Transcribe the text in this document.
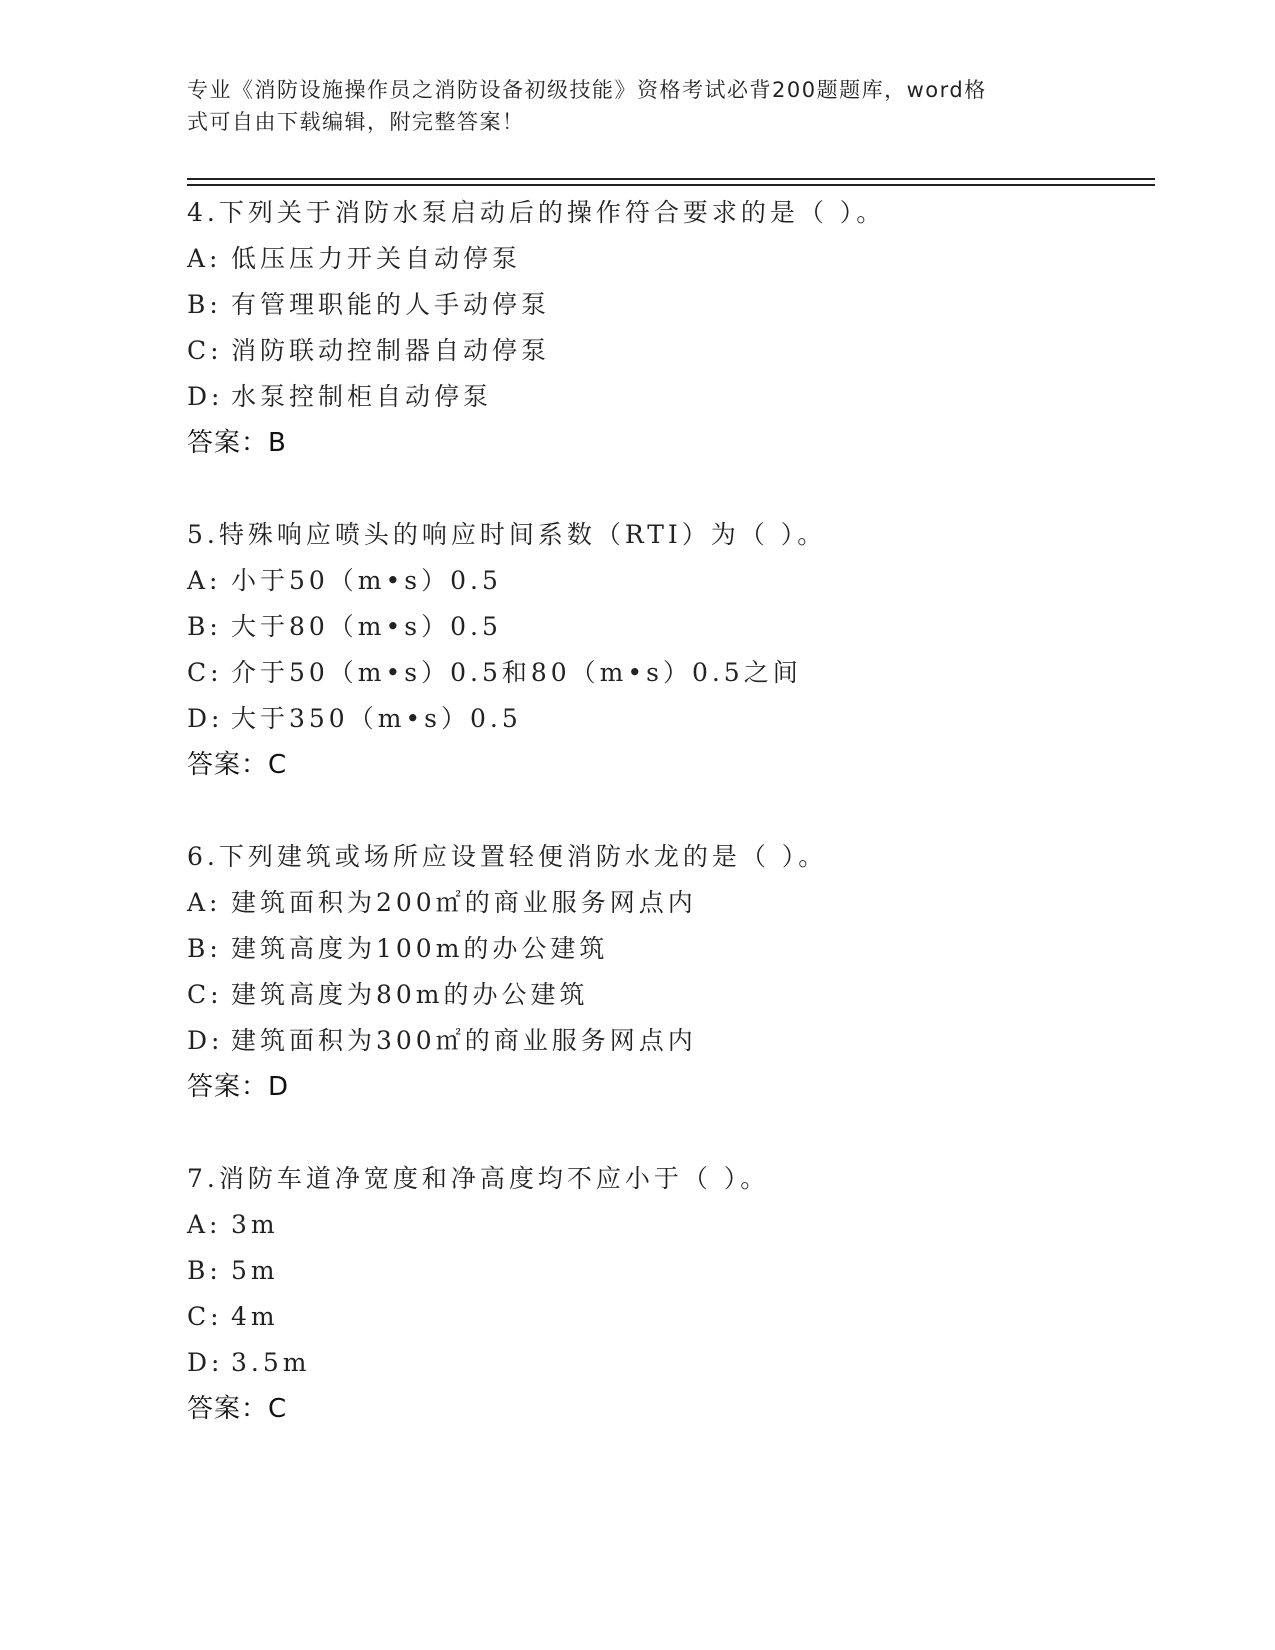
专业《消防设施操作员之消防设备初级技能》资格考试必背200题题库，word格
式可自由下载编辑，附完整答案！
4.下列关于消防水泵启动后的操作符合要求的是（ ）。
A: 低压压力开关自动停泵
B: 有管理职能的人手动停泵
C: 消防联动控制器自动停泵
D: 水泵控制柜自动停泵
答案：B
5.特殊响应喷头的响应时间系数（RTI）为（ ）。
A: 小于50（m•s）0.5
B: 大于80（m•s）0.5
C: 介于50（m•s）0.5和80（m•s）0.5之间
D: 大于350（m•s）0.5
答案：C
6.下列建筑或场所应设置轻便消防水龙的是（ ）。
A: 建筑面积为200㎡的商业服务网点内
B: 建筑高度为100m的办公建筑
C: 建筑高度为80m的办公建筑
D: 建筑面积为300㎡的商业服务网点内
答案：D
7.消防车道净宽度和净高度均不应小于（ ）。
A: 3m
B: 5m
C: 4m
D: 3.5m
答案：C
